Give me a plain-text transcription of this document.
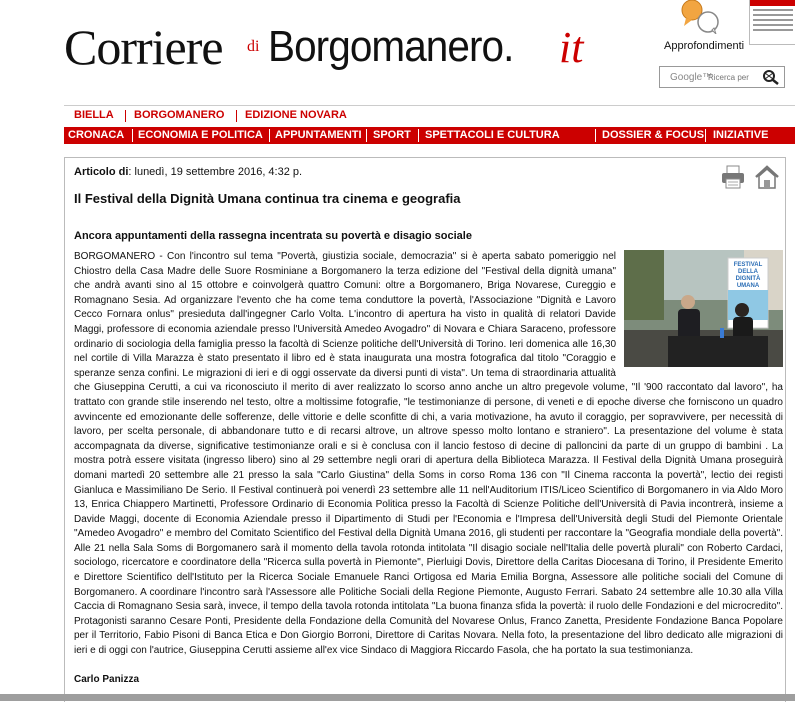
Corriere di Borgomanero. it	Approfondimenti
Ricerca per
Google™
BIELLA BORGOMANERO EDIZIONE NOVARA
CRONACA ECONOMIA E POLITICA APPUNTAMENTI SPORT SPETTACOLI E CULTURA	DOSSIER & FOCUS INIZIATIVE
Articolo di: lunedì, 19 settembre 2016, 4:32 p.

Il Festival della Dignità Umana continua tra cinema e geografia
Ancora appuntamenti della rassegna incentrata su povertà e disagio sociale
FESTIVAL DELLA DIGNITÀ UMANA
BORGOMANERO - Con l'incontro sul tema "Povertà, giustizia sociale, democrazia" si è aperta sabato pomeriggio nel Chiostro della Casa Madre delle Suore Rosminiane a Borgomanero la terza edizione del "Festival della dignità umana" che andrà avanti sino al 15 ottobre e coinvolgerà quattro Comuni: oltre a Borgomanero, Briga Novarese, Cureggio e Romagnano Sesia. Ad organizzare l'evento che ha come tema conduttore la povertà, l'Associazione "Dignità e Lavoro Cecco Fornara onlus" presieduta dall'ingegner Carlo Volta. L'incontro di apertura ha visto in qualità di relatori Davide Maggi, professore di economia aziendale presso l'Università Amedeo Avogadro" di Novara e Chiara Saraceno, professore ordinario di sociologia della famiglia presso la facoltà di Scienze politiche dell'Università di Torino. Ieri domenica alle 16,30 nel cortile di Villa Marazza è stato presentato il libro ed è stata inaugurata una mostra fotografica dal titolo "Coraggio e speranze senza confini. Le migrazioni di ieri e di oggi osservate da diversi punti di vista". Un tema di straordinaria attualità che Giuseppina Cerutti, a cui va riconosciuto il merito di aver realizzato lo scorso anno anche un altro pregevole volume, "Il '900 raccontato dal lavoro", ha trattato con grande stile inserendo nel testo, oltre a moltissime fotografie, "le testimonianze di persone, di veneti e di epoche diverse che forniscono un quadro avvincente ed emozionante delle sofferenze, delle vittorie e delle sconfitte di chi, a varia motivazione, ha avuto il coraggio, per sopravvivere, per necessità di lavoro, per scelta personale, di abbandonare tutto e di recarsi altrove, un altrove spesso molto lontano e straniero". La presentazione del volume è stata accompagnata da diverse, significative testimonianze orali e si è conclusa con il lancio festoso di decine di palloncini da parte di un gruppo di bambini . La mostra potrà essere visitata (ingresso libero) sino al 29 settembre negli orari di apertura della Biblioteca Marazza. Il Festival della Dignità Umana proseguirà domani martedì 20 settembre alle 21 presso la sala "Carlo Giustina" della Soms in corso Roma 136 con "Il Cinema racconta la povertà", lectio dei registi Gianluca e Massimiliano De Serio. Il Festival continuerà poi venerdì 23 settembre alle 11 nell'Auditorium ITIS/Liceo Scientifico di Borgomanero in via Aldo Moro 13, Enrica Chiappero Martinetti, Professore Ordinario di Economia Politica presso la Facoltà di Scienze Politiche dell'Università di Pavia incontrerà, insieme a Davide Maggi, docente di Economia Aziendale presso il Dipartimento di Studi per l'Economia e l'Impresa dell'Università degli Studi del Piemonte Orientale "Amedeo Avogadro" e membro del Comitato Scientifico del Festival della Dignità Umana 2016, gli studenti per raccontare la "Geografia mondiale della povertà". Alle 21 nella Sala Soms di Borgomanero sarà il momento della tavola rotonda intitolata "Il disagio sociale nell'Italia delle povertà plurali" con Roberto Cardaci, sociologo, ricercatore e coordinatore della "Ricerca sulla povertà in Piemonte", Pierluigi Dovis, Direttore della Caritas Diocesana di Torino, il Presidente Emerito e Direttore Scientifico dell'Istituto per la Ricerca Sociale Emanuele Ranci Ortigosa ed Maria Emilia Borgna, Assessore alle politiche sociali del Comune di Borgomanero. A coordinare l'incontro sarà l'Assessore alle Politiche Sociali della Regione Piemonte, Augusto Ferrari. Sabato 24 settembre alle 10.30 alla Villa Caccia di Romagnano Sesia sarà, invece, il tempo della tavola rotonda intitolata "La buona finanza sfida la povertà: il ruolo delle Fondazioni e del microcredito". Protagonisti saranno Cesare Ponti, Presidente della Fondazione della Comunità del Novarese Onlus, Franco Zanetta, Presidente Fondazione Banca Popolare per il Territorio, Fabio Pisoni di Banca Etica e Don Giorgio Borroni, Direttore di Caritas Novara. Nella foto, la presentazione del libro dedicato alle migrazioni di ieri e di oggi con l'autrice, Giuseppina Cerutti assieme all'ex vice Sindaco di Maggiora Riccardo Fasola, che ha portato la sua testimonianza.
Carlo Panizza
